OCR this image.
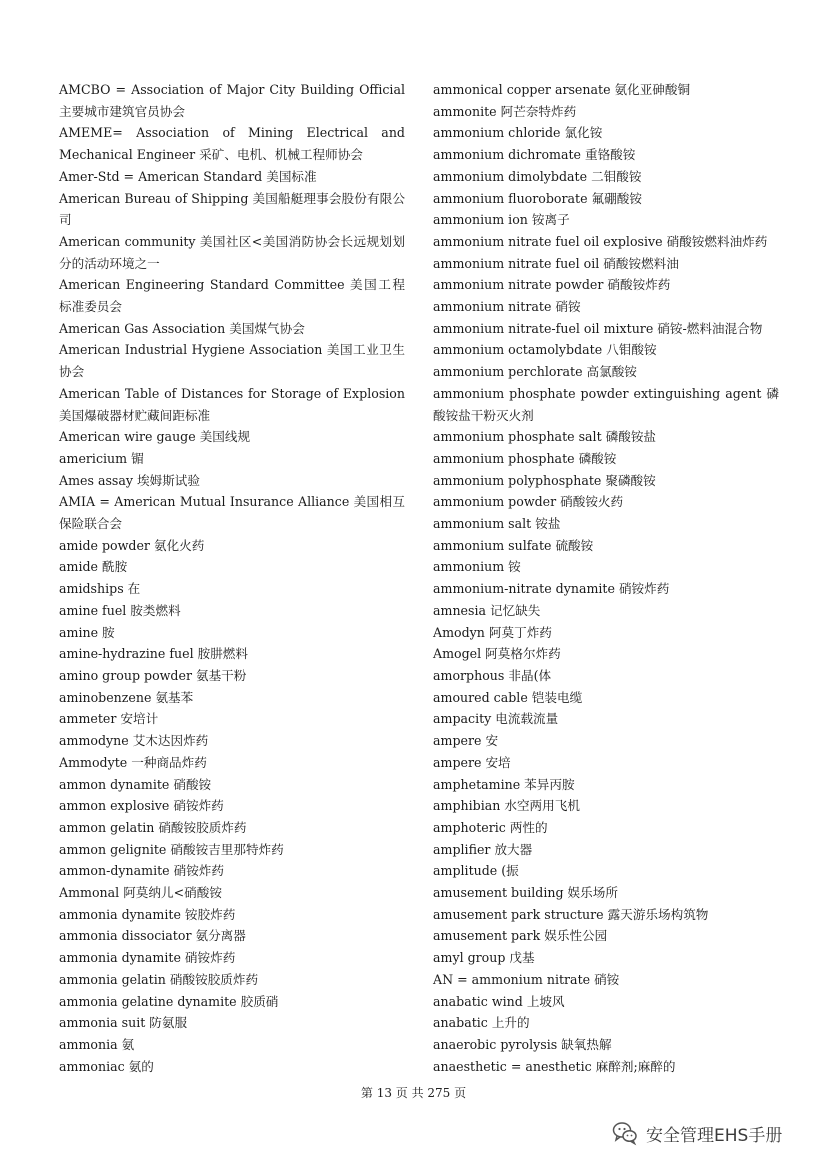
AMCBO = Association of Major City Building Official 主要城市建筑官员协会
AMEME= Association of Mining Electrical and Mechanical Engineer 采矿、电机、机械工程师协会
Amer-Std = American Standard 美国标准
American Bureau of Shipping 美国船艇理事会股份有限公司
American community 美国社区<美国消防协会长远规划划分的活动环境之一
American Engineering Standard Committee 美国工程标准委员会
American Gas Association 美国煤气协会
American Industrial Hygiene Association 美国工业卫生协会
American Table of Distances for Storage of Explosion 美国爆破器材贮藏间距标准
American wire gauge 美国线规
americium 镅
Ames assay 埃姆斯试验
AMIA = American Mutual Insurance Alliance 美国相互保险联合会
amide powder 氨化火药
amide 酰胺
amidships 在
amine fuel 胺类燃料
amine 胺
amine-hydrazine fuel 胺肼燃料
amino group powder 氨基干粉
aminobenzene 氨基苯
ammeter 安培计
ammodyne 艾木达因炸药
Ammodyte 一种商品炸药
ammon dynamite 硝酸铵
ammon explosive 硝铵炸药
ammon gelatin 硝酸铵胶质炸药
ammon gelignite 硝酸铵吉里那特炸药
ammon-dynamite 硝铵炸药
Ammonal 阿莫纳儿<硝酸铵
ammonia dynamite 铵胶炸药
ammonia dissociator 氨分离器
ammonia dynamite 硝铵炸药
ammonia gelatin 硝酸铵胶质炸药
ammonia gelatine dynamite 胶质硝
ammonia suit 防氨服
ammonia 氨
ammoniac 氨的
ammonical copper arsenate 氨化亚砷酸铜
ammonite 阿芒奈特炸药
ammonium chloride 氯化铵
ammonium dichromate 重铬酸铵
ammonium dimolybdate 二钼酸铵
ammonium fluoroborate 氟硼酸铵
ammonium ion 铵离子
ammonium nitrate fuel oil explosive 硝酸铵燃料油炸药
ammonium nitrate fuel oil 硝酸铵燃料油
ammonium nitrate powder 硝酸铵炸药
ammonium nitrate 硝铵
ammonium nitrate-fuel oil mixture 硝铵-燃料油混合物
ammonium octamolybdate 八钼酸铵
ammonium perchlorate 高氯酸铵
ammonium phosphate powder extinguishing agent 磷酸铵盐干粉灭火剂
ammonium phosphate salt 磷酸铵盐
ammonium phosphate 磷酸铵
ammonium polyphosphate 聚磷酸铵
ammonium powder 硝酸铵火药
ammonium salt 铵盐
ammonium sulfate 硫酸铵
ammonium 铵
ammonium-nitrate dynamite 硝铵炸药
amnesia 记忆缺失
Amodyn 阿莫丁炸药
Amogel 阿莫格尔炸药
amorphous 非晶(体
amoured cable 铠装电缆
ampacity 电流载流量
ampere 安
ampere 安培
amphetamine 苯异丙胺
amphibian 水空两用飞机
amphoteric 两性的
amplifier 放大器
amplitude (振
amusement building 娱乐场所
amusement park structure 露天游乐场构筑物
amusement park 娱乐性公园
amyl group 戊基
AN = ammonium nitrate 硝铵
anabatic wind 上坡风
anabatic 上升的
anaerobic pyrolysis 缺氧热解
anaesthetic = anesthetic 麻醉剂;麻醉的
第 13 页 共 275 页
安全管理EHS手册
